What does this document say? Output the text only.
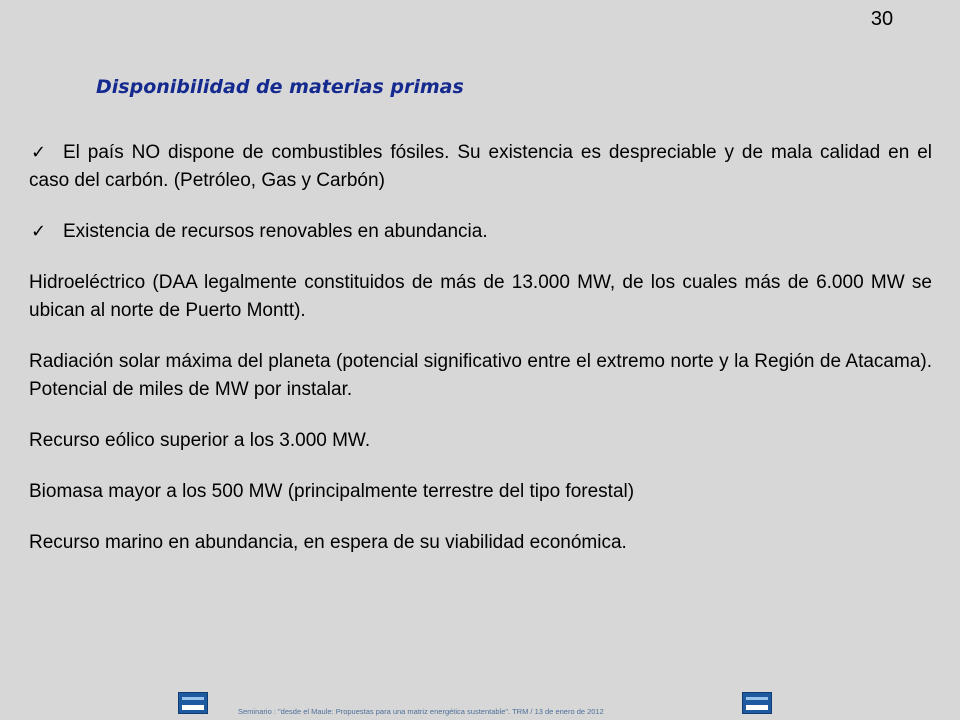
30
Disponibilidad de materias primas

✓ El país NO dispone de combustibles fósiles. Su existencia es despreciable y de mala calidad en el caso del carbón. (Petróleo, Gas y Carbón)

✓ Existencia de recursos renovables en abundancia.

Hidroeléctrico (DAA legalmente constituidos de más de 13.000 MW, de los cuales más de 6.000 MW se ubican al norte de Puerto Montt).

Radiación solar máxima del planeta (potencial significativo entre el extremo norte y la Región de Atacama). Potencial de miles de MW por instalar.

Recurso eólico superior a los 3.000 MW.

Biomasa mayor a los 500 MW (principalmente terrestre del tipo forestal)

Recurso marino en abundancia, en espera de su viabilidad económica.

Seminario : "desde el Maule: Propuestas para una matriz energética sustentable". TRM / 13 de enero de 2012
